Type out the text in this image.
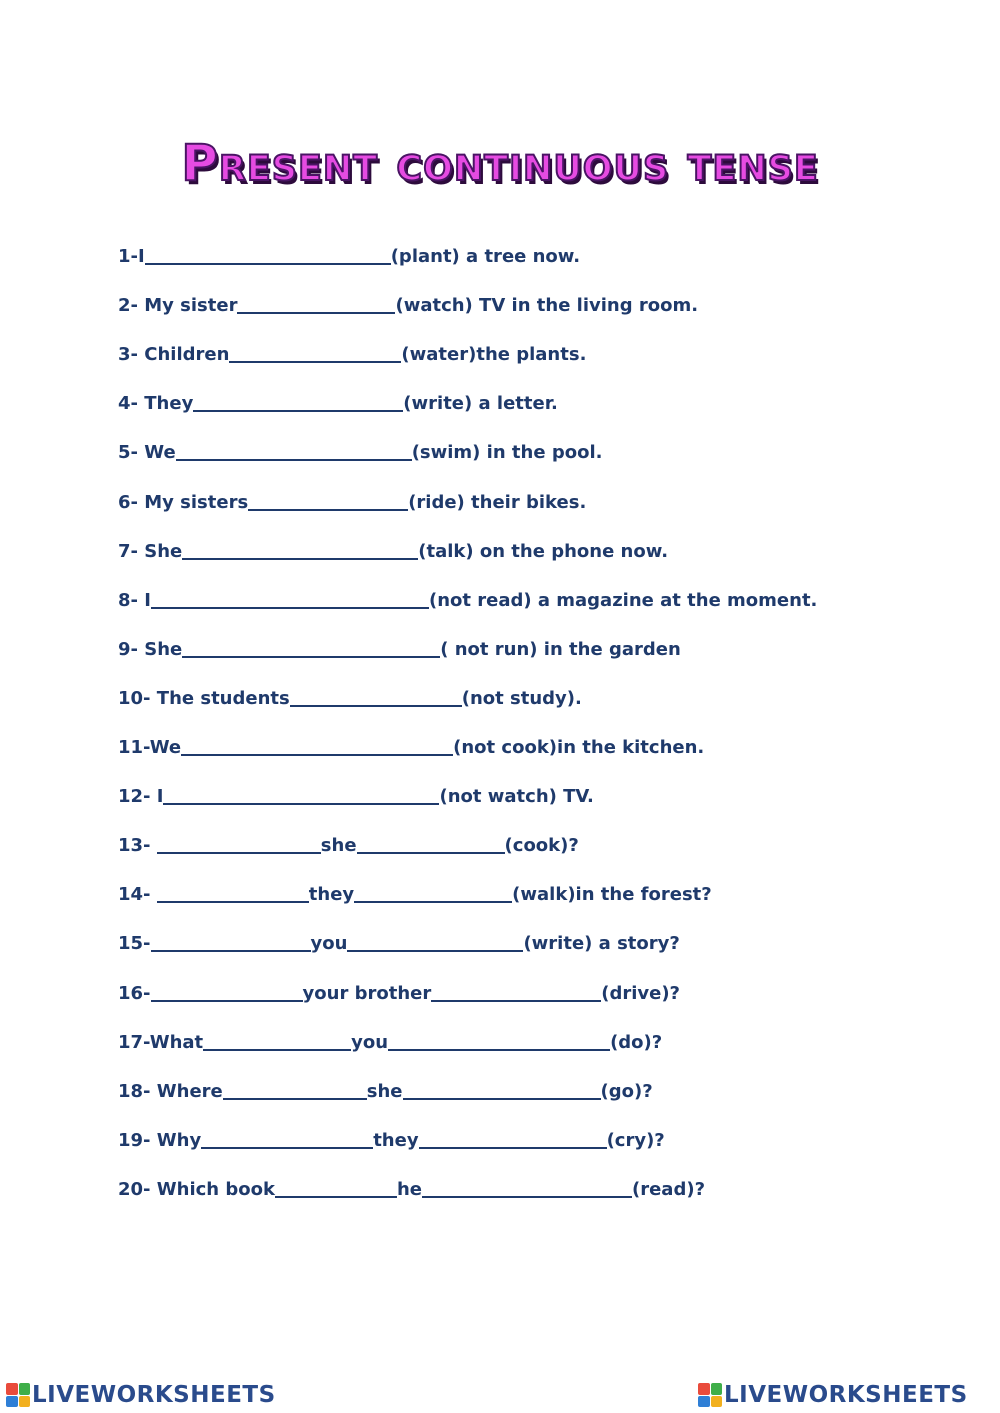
Present continuous tense
1-I	(plant) a tree now.
2- My sister	(watch) TV in the living room.
3- Children	(water)the plants.
4- They	(write) a letter.
5- We	(swim) in the pool.
6- My sisters	(ride) their bikes.
7- She	(talk) on the phone now.
8- I	(not read) a magazine at the moment.
9- She	( not run) in the garden
10- The students	(not study).
11-We	(not cook)in the kitchen.
12- I	(not watch) TV.
13-	she	(cook)?
14-	they	(walk)in the forest?
15-	you	(write) a story?
16-	your brother	(drive)?
17-What	you	(do)?
18- Where	she	(go)?
19- Why	they	(cry)?
20- Which book	he	(read)?
LIVEWORKSHEETS	LIVEWORKSHEETS
